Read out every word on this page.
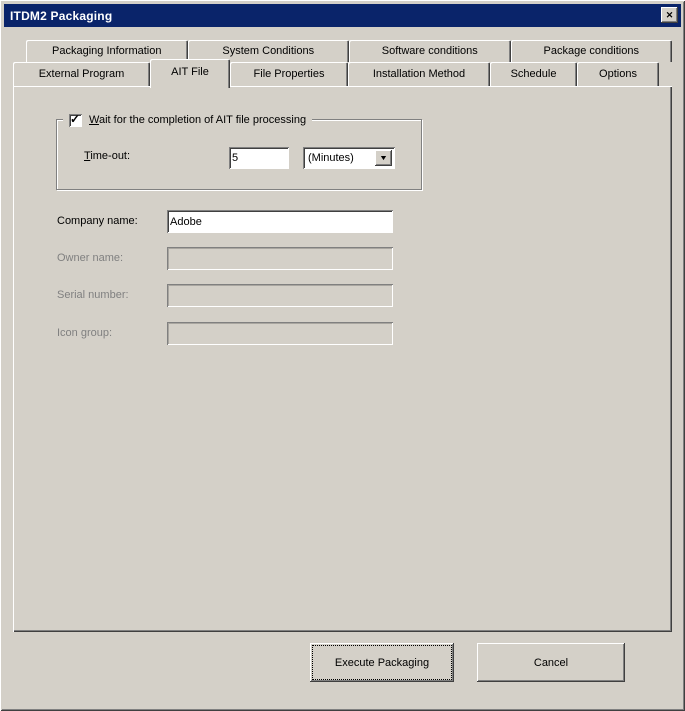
ITDM2 Packaging	✕
Packaging Information	System Conditions	Software conditions	Package conditions
External Program	AIT File	File Properties	Installation Method	Schedule	Options
✓ Wait for the completion of AIT file processing
Time-out:
5	(Minutes)	▼
Company name:
Adobe
Owner name:
Serial number:
Icon group:
Execute Packaging	Cancel
